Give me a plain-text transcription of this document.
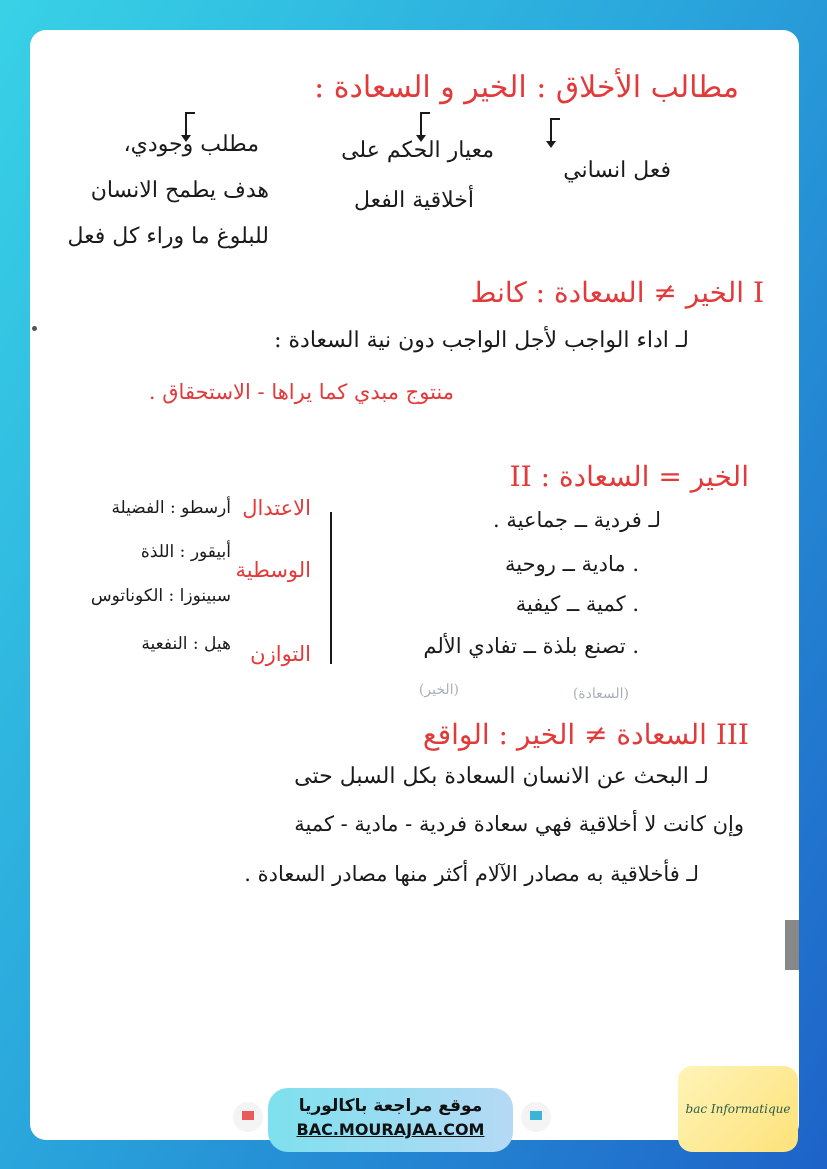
مطالب الأخلاق : الخير و السعادة :
فعل انساني
معيار الحكم على
أخلاقية الفعل
مطلب وجودي،
هدف يطمح الانسان
للبلوغ ما وراء كل فعل
I الخير ≠ السعادة : كانط
ﻟـ اداء الواجب لأجل الواجب دون نية السعادة :
منتوج مبدي كما يراها - الاستحقاق .
الخير = السعادة : II
ﻟـ فردية ــ جماعية .
. مادية ــ روحية
. كمية ــ كيفية
. تصنع بلذة ــ تفادي الألم
الاعتدال
الوسطية
التوازن
أرسطو : الفضيلة
أبيقور : اللذة
سبينوزا : الكوناتوس
هيل : النفعية
(الخير)	(السعادة)
III السعادة ≠ الخير : الواقع
ﻟـ البحث عن الانسان السعادة بكل السبل حتى
وإن كانت لا أخلاقية فهي سعادة فردية - مادية - كمية
ﻟـ فأخلاقية به مصادر الآلام أكثر منها مصادر السعادة .
موقع مراجعة باكالوريا
BAC.MOURAJAA.COM
bac Informatique
